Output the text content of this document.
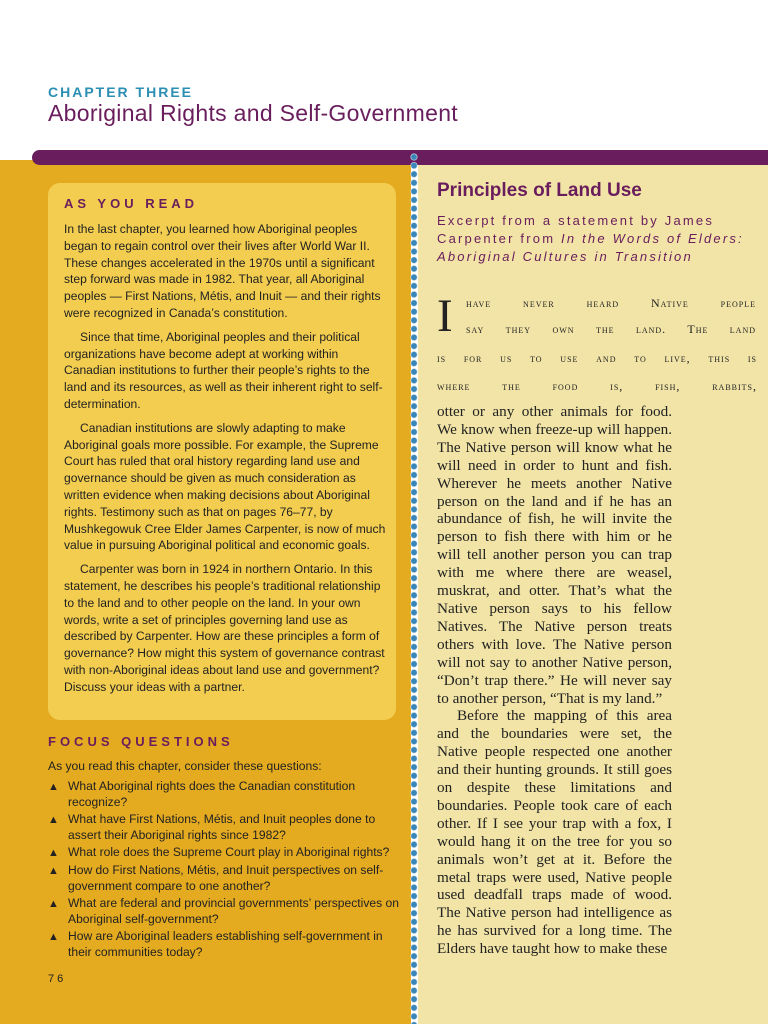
CHAPTER THREE
Aboriginal Rights and Self-Government
AS YOU READ

In the last chapter, you learned how Aboriginal peoples began to regain control over their lives after World War II. These changes accelerated in the 1970s until a significant step forward was made in 1982. That year, all Aboriginal peoples — First Nations, Métis, and Inuit — and their rights were recognized in Canada’s constitution.

Since that time, Aboriginal peoples and their political organizations have become adept at working within Canadian institutions to further their people’s rights to the land and its resources, as well as their inherent right to self-determination.

Canadian institutions are slowly adapting to make Aboriginal goals more possible. For example, the Supreme Court has ruled that oral history regarding land use and governance should be given as much consideration as written evidence when making decisions about Aboriginal rights. Testimony such as that on pages 76–77, by Mushkegowuk Cree Elder James Carpenter, is now of much value in pursuing Aboriginal political and economic goals.

Carpenter was born in 1924 in northern Ontario. In this statement, he describes his people’s traditional relationship to the land and to other people on the land. In your own words, write a set of principles governing land use as described by Carpenter. How are these principles a form of governance? How might this system of governance contrast with non-Aboriginal ideas about land use and government? Discuss your ideas with a partner.

FOCUS QUESTIONS
As you read this chapter, consider these questions:
▲ What Aboriginal rights does the Canadian constitution recognize?
▲ What have First Nations, Métis, and Inuit peoples done to assert their Aboriginal rights since 1982?
▲ What role does the Supreme Court play in Aboriginal rights?
▲ How do First Nations, Métis, and Inuit perspectives on self-government compare to one another?
▲ What are federal and provincial governments’ perspectives on Aboriginal self-government?
▲ How are Aboriginal leaders establishing self-government in their communities today?
76
Principles of Land Use
Excerpt from a statement by James Carpenter from In the Words of Elders: Aboriginal Cultures in Transition
I have never heard Native people
say they own the land. The land
is for us to use and to live, this is
where the food is, fish, rabbits,

otter or any other animals for food. We know when freeze-up will happen. The Native person will know what he will need in order to hunt and fish. Wherever he meets another Native person on the land and if he has an abundance of fish, he will invite the person to fish there with him or he will tell another person you can trap with me where there are weasel, muskrat, and otter. That’s what the Native person says to his fellow Natives. The Native person treats others with love. The Native person will not say to another Native person, “Don’t trap there.” He will never say to another person, “That is my land.”

Before the mapping of this area and the boundaries were set, the Native people respected one another and their hunting grounds. It still goes on despite these limitations and boundaries. People took care of each other. If I see your trap with a fox, I would hang it on the tree for you so animals won’t get at it. Before the metal traps were used, Native people used deadfall traps made of wood. The Native person had intelligence as he has survived for a long time. The Elders have taught how to make these
